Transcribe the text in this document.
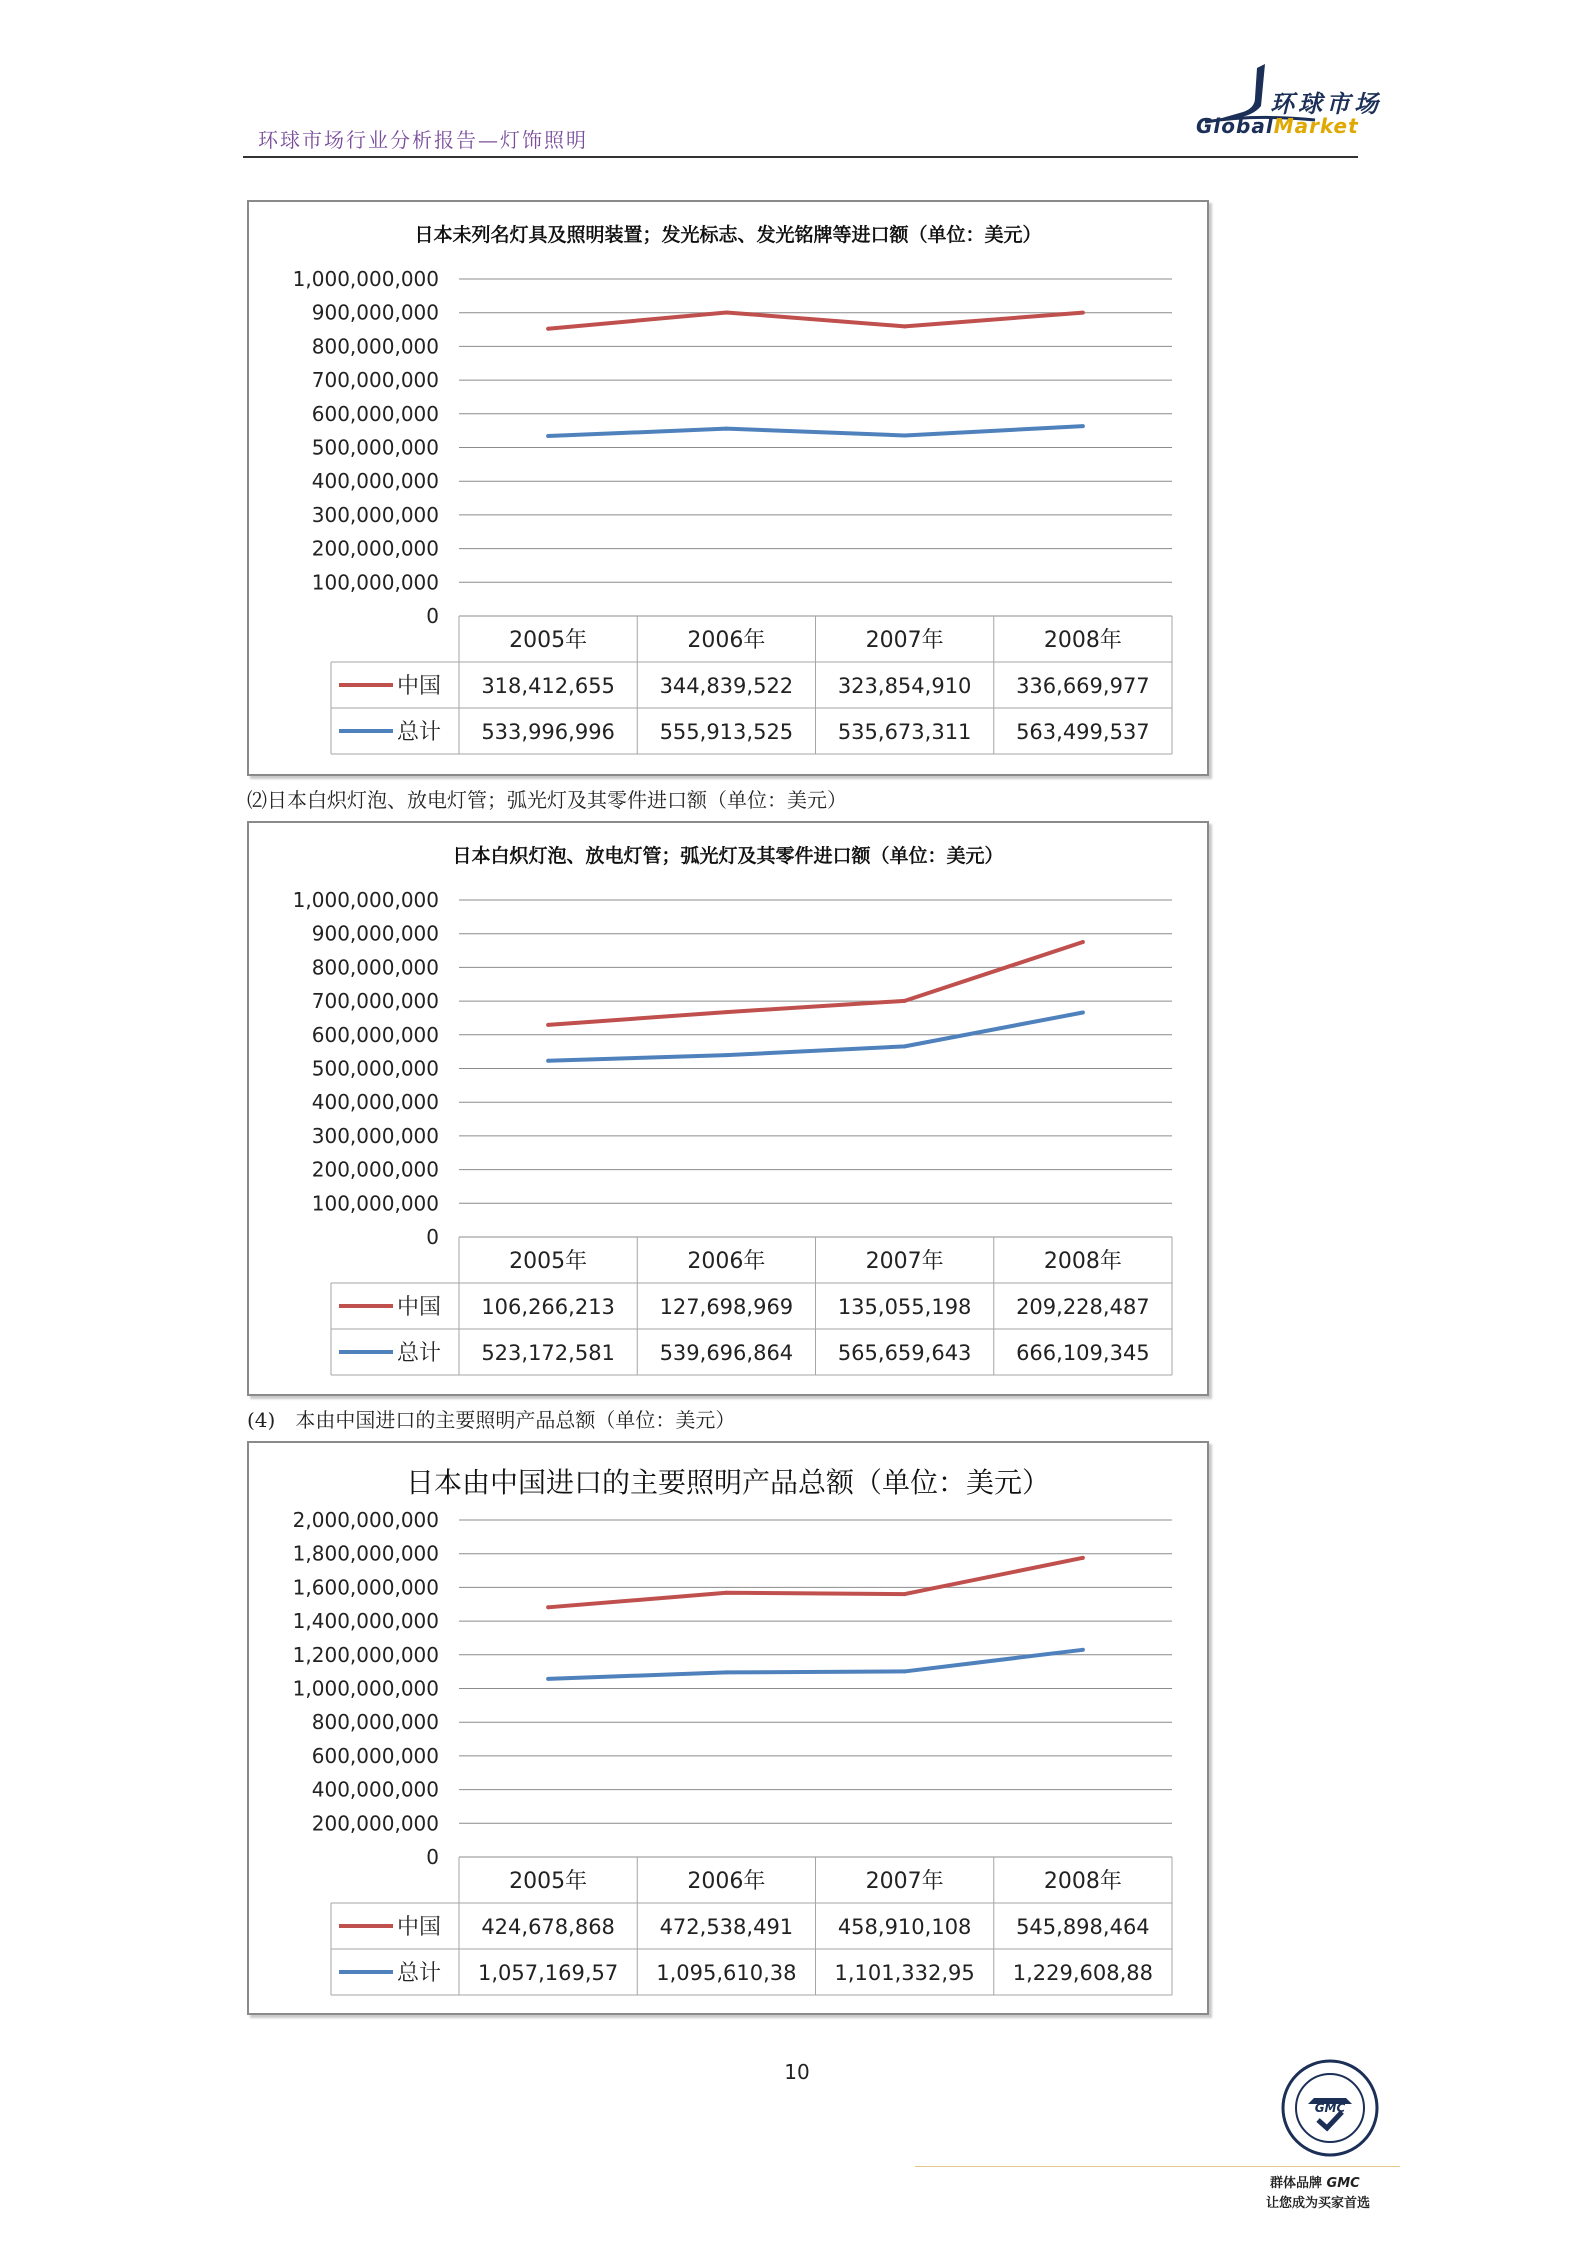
环球市场行业分析报告—灯饰照明
环球市场
GlobalMarket
日本未列名灯具及照明装置；发光标志、发光铭牌等进口额（单位：美元）
1,000,000,000
900,000,000
800,000,000
700,000,000
600,000,000
500,000,000
400,000,000
300,000,000
200,000,000
100,000,000
0
2005年	2006年	2007年	2008年
中国 318,412,655 344,839,522 323,854,910 336,669,977
总计 533,996,996 555,913,525 535,673,311 563,499,537
⑵日本白炽灯泡、放电灯管；弧光灯及其零件进口额（单位：美元）
日本白炽灯泡、放电灯管；弧光灯及其零件进口额（单位：美元）
1,000,000,000
900,000,000
800,000,000
700,000,000
600,000,000
500,000,000
400,000,000
300,000,000
200,000,000
100,000,000
0
2005年	2006年	2007年	2008年
中国 106,266,213 127,698,969 135,055,198 209,228,487
总计 523,172,581 539,696,864 565,659,643 666,109,345
(4)　本由中国进口的主要照明产品总额（单位：美元）
日本由中国进口的主要照明产品总额（单位：美元）
2,000,000,000
1,800,000,000
1,600,000,000
1,400,000,000
1,200,000,000
1,000,000,000
800,000,000
600,000,000
400,000,000
200,000,000
0
2005年	2006年	2007年	2008年
中国 424,678,868 472,538,491 458,910,108 545,898,464
总计 1,057,169,57 1,095,610,38 1,101,332,95 1,229,608,88
10
GMC
群体品牌 GMC
让您成为买家首选
